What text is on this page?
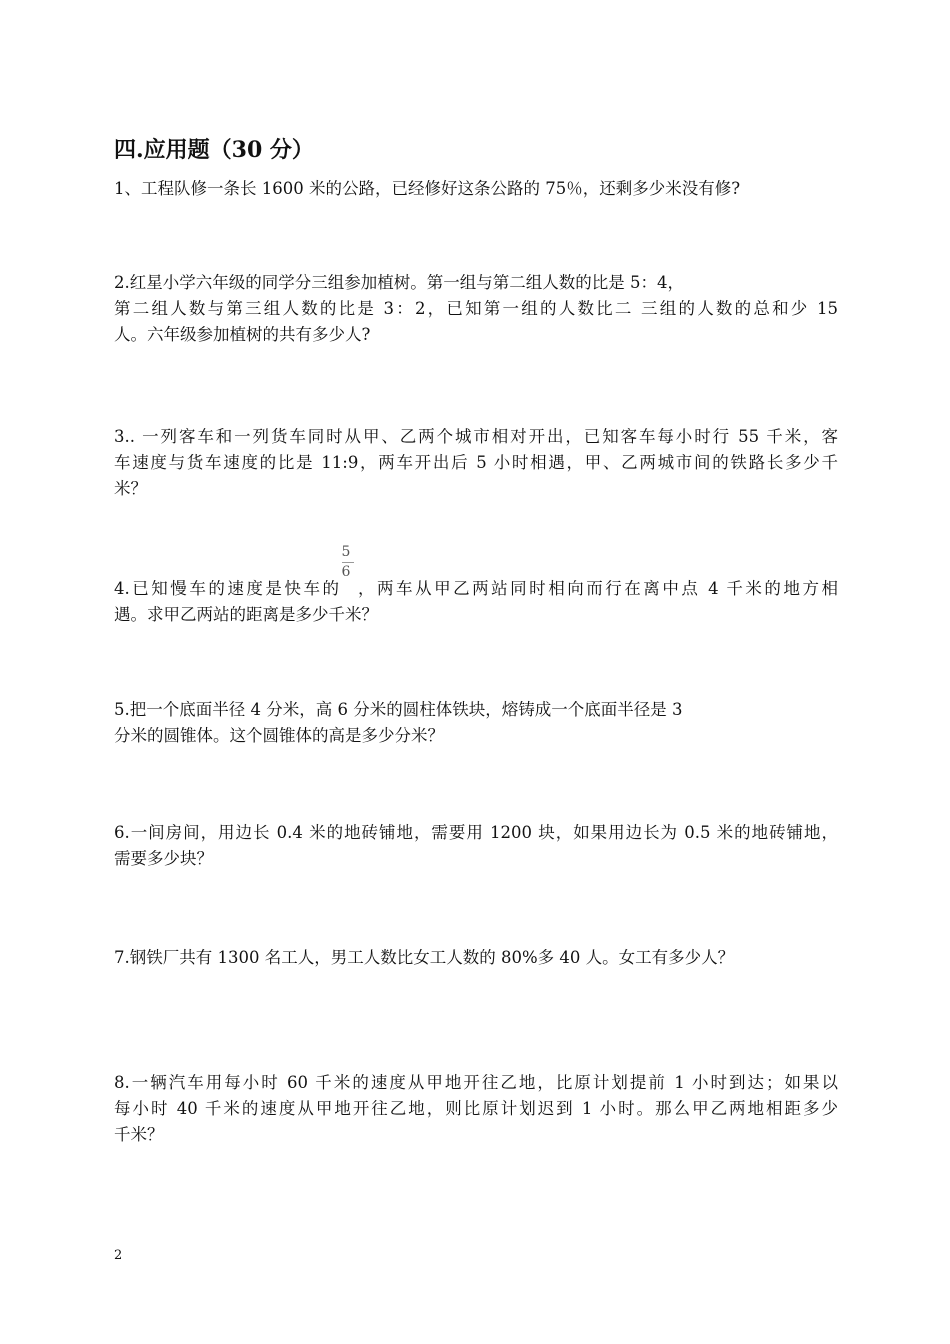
四.应用题（30 分）
1、工程队修一条长 1600 米的公路，已经修好这条公路的 75％，还剩多少米没有修?
2.红星小学六年级的同学分三组参加植树。第一组与第二组人数的比是 5：4，
第二组人数与第三组人数的比是 3：2，已知第一组的人数比二 三组的人数的总和少 15
人。六年级参加植树的共有多少人?
3.. 一列客车和一列货车同时从甲、乙两个城市相对开出，已知客车每小时行 55 千米，客
车速度与货车速度的比是 11:9，两车开出后 5 小时相遇，甲、乙两城市间的铁路长多少千
米？
4.已知慢车的速度是快车的 $\frac{5}{6}$ ，两车从甲乙两站同时相向而行在离中点 4 千米的地方相
遇。求甲乙两站的距离是多少千米？
5.把一个底面半径 4 分米，高 6 分米的圆柱体铁块，熔铸成一个底面半径是 3
分米的圆锥体。这个圆锥体的高是多少分米？
6.一间房间，用边长 0.4 米的地砖铺地，需要用 1200 块，如果用边长为 0.5 米的地砖铺地，
需要多少块？
7.钢铁厂共有 1300 名工人，男工人数比女工人数的 80%多 40 人。女工有多少人？
8.一辆汽车用每小时 60 千米的速度从甲地开往乙地，比原计划提前 1 小时到达；如果以
每小时 40 千米的速度从甲地开往乙地，则比原计划迟到 1 小时。那么甲乙两地相距多少
千米？
2
